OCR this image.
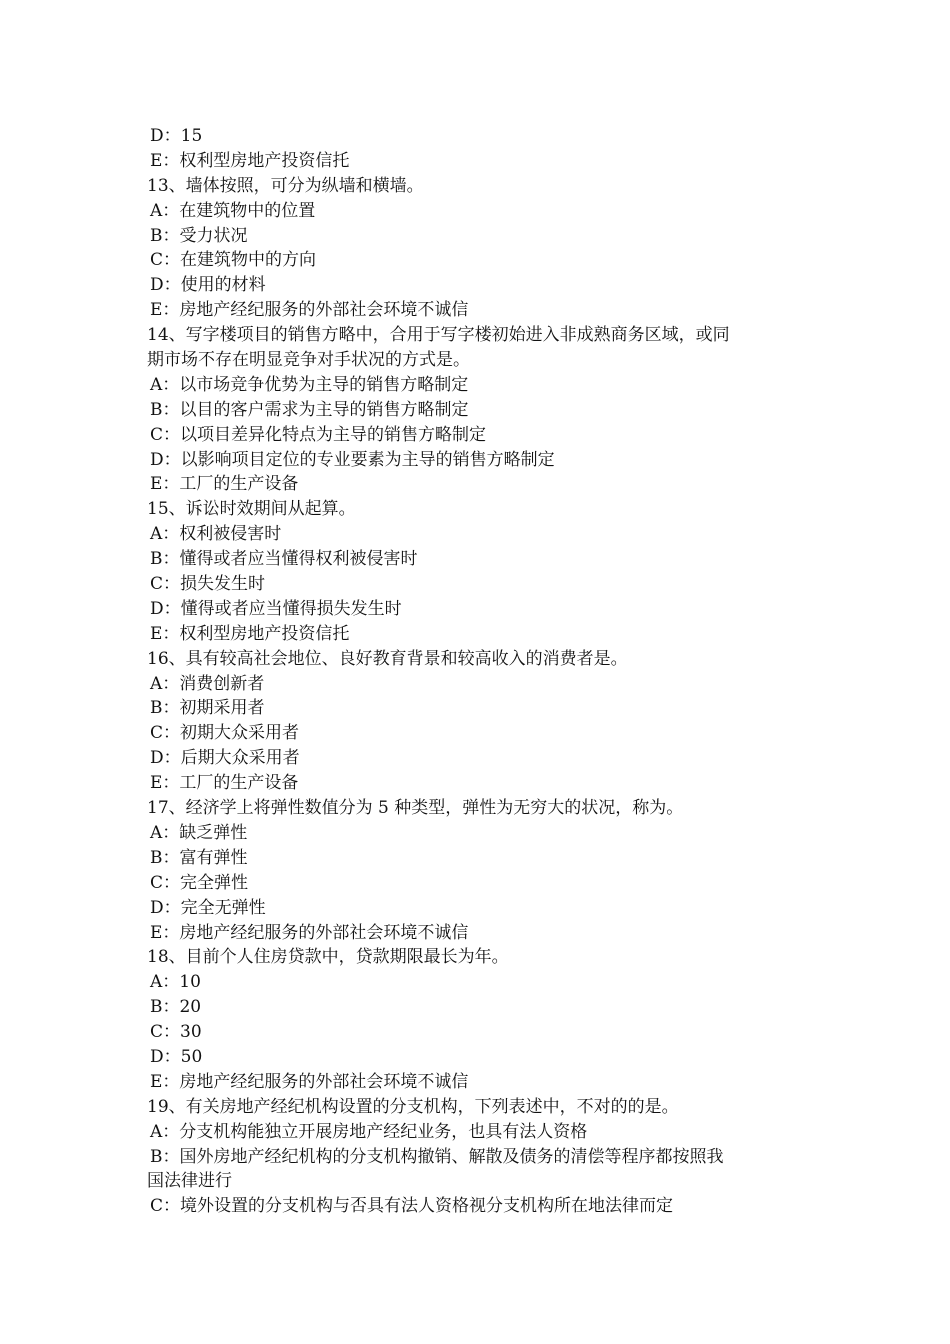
D：15
E：权利型房地产投资信托
13、墙体按照，可分为纵墙和横墙。
A：在建筑物中的位置
B：受力状况
C：在建筑物中的方向
D：使用的材料
E：房地产经纪服务的外部社会环境不诚信
14、写字楼项目的销售方略中，合用于写字楼初始进入非成熟商务区域，或同
期市场不存在明显竞争对手状况的方式是。
A：以市场竞争优势为主导的销售方略制定
B：以目的客户需求为主导的销售方略制定
C：以项目差异化特点为主导的销售方略制定
D：以影响项目定位的专业要素为主导的销售方略制定
E：工厂的生产设备
15、诉讼时效期间从起算。
A：权利被侵害时
B：懂得或者应当懂得权利被侵害时
C：损失发生时
D：懂得或者应当懂得损失发生时
E：权利型房地产投资信托
16、具有较高社会地位、良好教育背景和较高收入的消费者是。
A：消费创新者
B：初期采用者
C：初期大众采用者
D：后期大众采用者
E：工厂的生产设备
17、经济学上将弹性数值分为 5 种类型，弹性为无穷大的状况，称为。
A：缺乏弹性
B：富有弹性
C：完全弹性
D：完全无弹性
E：房地产经纪服务的外部社会环境不诚信
18、目前个人住房贷款中，贷款期限最长为年。
A：10
B：20
C：30
D：50
E：房地产经纪服务的外部社会环境不诚信
19、有关房地产经纪机构设置的分支机构，下列表述中，不对的的是。
A：分支机构能独立开展房地产经纪业务，也具有法人资格
B：国外房地产经纪机构的分支机构撤销、解散及债务的清偿等程序都按照我
国法律进行
C：境外设置的分支机构与否具有法人资格视分支机构所在地法律而定
